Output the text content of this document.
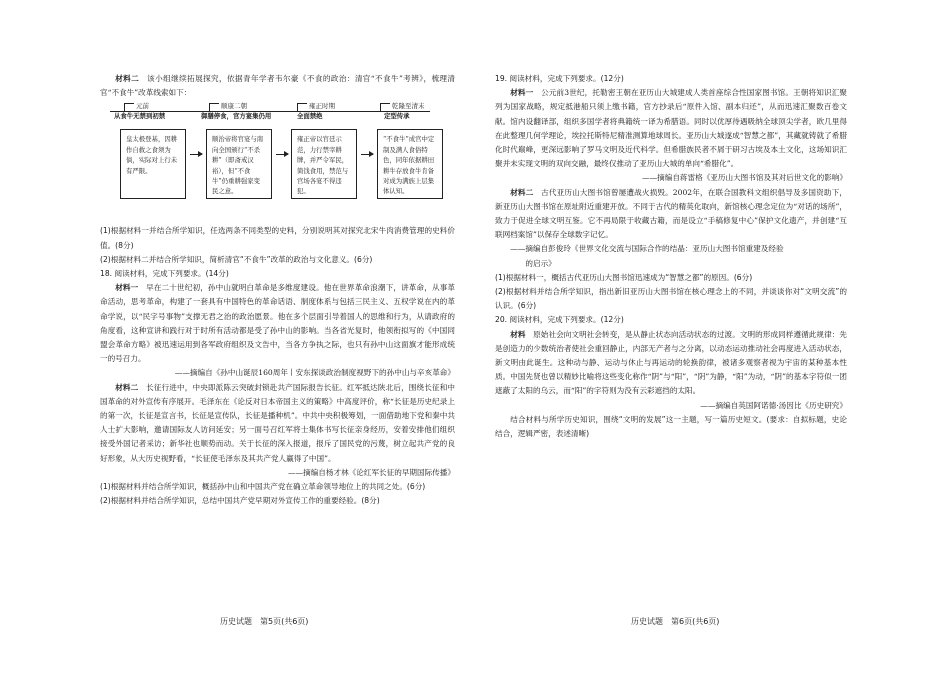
材料二　 该小组继续拓展探究，依据青年学者韦尔豪《不食的政治：清官“不食牛”考辨》，梳理清官“不食牛”改革线索如下：

元前
从食牛无禁到初禁
皇太极登基，因耕作自救之食须为倘，实际对上行未有严限。
顺康二朝
御膳停食，官方宴集仍用
顺治帝将官宴与南向全国颁行“不杀耕”（即斋戒汉裕），但“不食牛”仍重耕强家变民之意。
雍正时期
全面禁绝
雍正帝以官廷示范，力行禁宰耕牌，并严令军民，简饯食用，禁范与官场各宴不得违犯。
乾隆至清末
定型传承
“不食牛”成官中定制及满人食俗特色，同年依据耕田耕牛存放食牛肯备对成为满族上层集体认知。

(1)根据材料一并结合所学知识，任选两条不同类型的史料，分别说明其对探究北宋牛肉消费管理的史料价值。(8分)

(2)根据材料二并结合所学知识，简析清官“不食牛”改革的政治与文化意义。(6分)

18. 阅读材料，完成下列要求。(14分)

材料一　 早在二十世纪初，孙中山就明白革命是多维度建设。他在世界革命浪潮下，讲革命，从事革命活动，思考革命，构建了一套具有中国特色的革命话语、制度体系与包括三民主义、五权学说在内的革命学说，以“民字号事物”支撑无君之治的政治愿景。他在多个层面引导着国人的思维和行为，从请政府的角度看，这种宣讲和践行对于时所有活动都是受了孙中山的影响。当各省光复时，他领衔拟写的《中国同盟会革命方略》被迅速运用到各军政府组织及文告中，当各方争执之际，也只有孙中山这面旗才能形成统一的号召力。

——摘编自《孙中山诞辰160周年丨安东探谈政治制度视野下的孙中山与辛亥革命》

材料二　 长征行进中，中央即派陈云突破封锁赴共产国际报告长征。红军抵达陕北后，围绕长征和中国革命的对外宣传有序展开。毛泽东在《论反对日本帝国主义的策略》中高度评价，称“长征是历史纪录上的第一次，长征是宣言书，长征是宣传队，长征是播种机”。中共中央积极筹划，一面借助地下党和秦中共人士扩大影响，邀请国际友人访问延安；另一面号召红军将士集体书写长征亲身经历，安着安排他们组织接受外国记者采访；新华社也顺势而动。关于长征的深入报道，报斥了国民党的污蔑，树立起共产党的良好形象，从大历史视野看，“长征使毛泽东及其共产党人赢得了中国”。

——摘编自杨才林《论红军长征的早期国际传播》

(1)根据材料并结合所学知识，概括孙中山和中国共产党在确立革命领导地位上的共同之处。(6分)

(2)根据材料并结合所学知识，总结中国共产党早期对外宣传工作的重要经验。(8分)

历史试题　第5页(共6页)

19. 阅读材料，完成下列要求。(12分)

材料一　 公元前3世纪，托勒密王朝在亚历山大城建成人类首座综合性国家图书馆。王朝将知识汇聚列为国家战略，规定抵港船只须上缴书籍，官方抄录后“原件入馆、副本归还”，从而迅速汇聚数百卷文献。馆内设翻译部，组织多国学者将典籍统一译为希腊语。同时以优厚待遇吸纳全球顶尖学者，欧几里得在此整理几何学理论，埃拉托斯特尼精准测算地球周长。亚历山大城遂成“智慧之都”，其藏就铸就了希腊化时代巅峰，更深远影响了罗马文明及近代科学。但希腊族民者不屑于研习古埃及本土文化，这场知识汇聚并未实现文明的双向交融，最终仅推动了亚历山大城的单向“希腊化”。

——摘编自蒋雷格《亚历山大图书馆及其对后世文化的影响》

材料二　 古代亚历山大图书馆曾屡遭战火损毁。2002年，在联合国教科文组织倡导及多国资助下，新亚历山大图书馆在原址附近重建开放。不同于古代的精英化取向，新馆核心理念定位为“对话的场所”，致力于促进全球文明互鉴。它不再局限于收藏古籍，而是设立“手稿修复中心”保护文化遗产，并创建“互联网档案馆”以保存全球数字记忆。

——摘编自彭俊玲《世界文化交流与国际合作的结晶：亚历山大图书馆重建及经验

的启示》

(1)根据材料一，概括古代亚历山大图书馆迅速成为“智慧之都”的原因。(6分)

(2)根据材料并结合所学知识，指出新旧亚历山大图书馆在核心理念上的不同，并谈谈你对“文明交流”的认识。(6分)

20. 阅读材料，完成下列要求。(12分)

材料　 原始社会向文明社会转变，是从静止状态向活动状态的过渡。文明的形成同样遵循此规律：先是创造力的少数统治者使社会重回静止，内部无产者与之分离，以动态运动推动社会再度进入活动状态，新文明由此诞生。这种动与静、运动与休止与再运动的轮换韵律，被诸多观察者视为宇宙的某种基本性质。中国先贤也曾以精妙比喻将这些变化称作“阴”与“阳”，“阴”为静，“阳”为动，“阴”的基本字符似一团遮蔽了太阳的乌云，而“阳”的字符则为没有云彩遮挡的太阳。

——摘编自英国阿诺德·汤因比《历史研究》

结合材料与所学历史知识，围绕“文明的发展”这一主题，写一篇历史短文。(要求：自拟标题，史论结合，逻辑严密，表述清晰)

历史试题　第6页(共6页)
